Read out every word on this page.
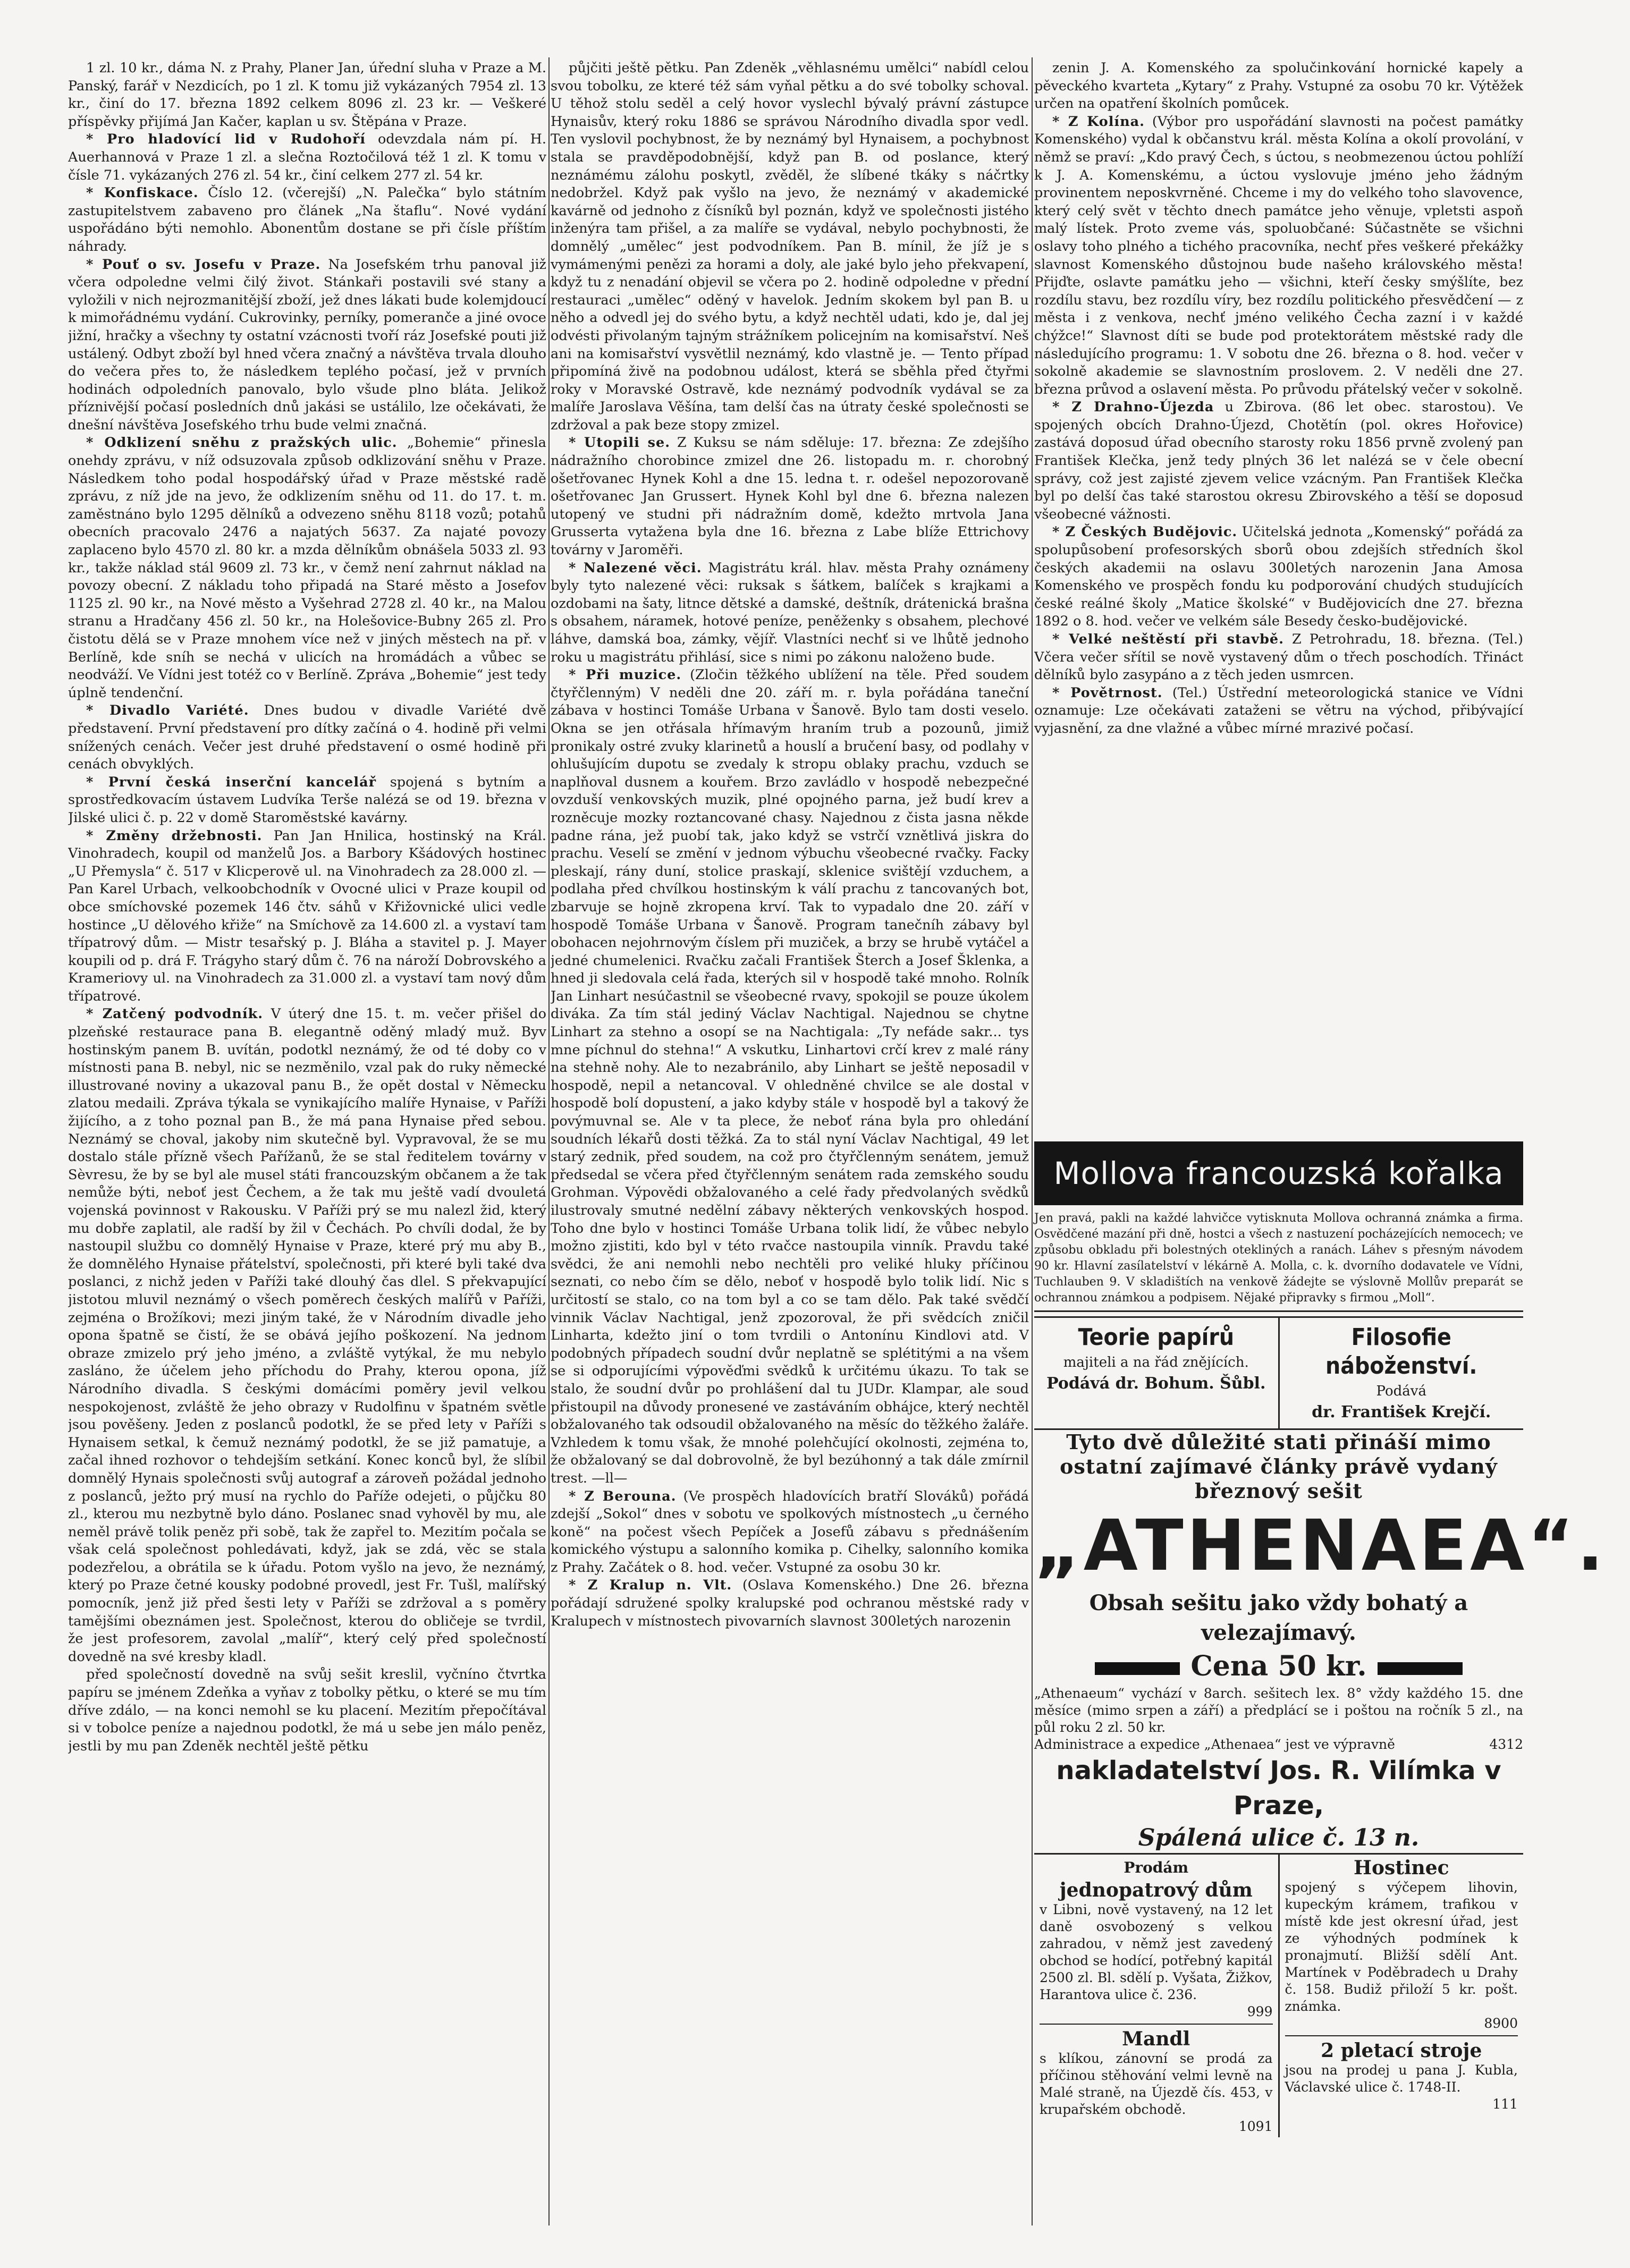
1 zl. 10 kr., dáma N. z Prahy, Planer Jan, úřední sluha v Praze a M. Panský, farář v Nezdicích, po 1 zl. K tomu již vykázaných 7954 zl. 13 kr., činí do 17. března 1892 celkem 8096 zl. 23 kr. — Veškeré příspěvky přijímá Jan Kačer, kaplan u sv. Štěpána v Praze.

* Pro hladovící lid v Rudohoří odevzdala nám pí. H. Auerhannová v Praze 1 zl. a slečna Roztočilová též 1 zl. K tomu v čísle 71. vykázaných 276 zl. 54 kr., činí celkem 277 zl. 54 kr.

* Konfiskace. Číslo 12. (včerejší) „N. Palečka“ bylo státním zastupitelstvem zabaveno pro článek „Na štaflu“. Nové vydání uspořádáno býti nemohlo. Abonentům dostane se při čísle příštím náhrady.

* Pouť o sv. Josefu v Praze. Na Josefském trhu panoval již včera odpoledne velmi čilý život. Stánkaři postavili své stany a vyložili v nich nejrozmanitější zboží, jež dnes lákati bude kolemjdoucí k mimořádnému vydání. Cukrovinky, perníky, pomeranče a jiné ovoce jižní, hračky a všechny ty ostatní vzácnosti tvoří ráz Josefské pouti již ustálený. Odbyt zboží byl hned včera značný a návštěva trvala dlouho do večera přes to, že následkem teplého počasí, jež v prvních hodinách odpoledních panovalo, bylo všude plno bláta. Jelikož příznivější počasí posledních dnů jakási se ustálilo, lze očekávati, že dnešní návštěva Josefského trhu bude velmi značná.

* Odklizení sněhu z pražských ulic. „Bohemie“ přinesla onehdy zprávu, v níž odsuzovala způsob odklizování sněhu v Praze. Následkem toho podal hospodářský úřad v Praze městské radě zprávu, z níž jde na jevo, že odklizením sněhu od 11. do 17. t. m. zaměstnáno bylo 1295 dělníků a odvezeno sněhu 8118 vozů; potahů obecních pracovalo 2476 a najatých 5637. Za najaté povozy zaplaceno bylo 4570 zl. 80 kr. a mzda dělníkům obnášela 5033 zl. 93 kr., takže náklad stál 9609 zl. 73 kr., v čemž není zahrnut náklad na povozy obecní. Z nákladu toho připadá na Staré město a Josefov 1125 zl. 90 kr., na Nové město a Vyšehrad 2728 zl. 40 kr., na Malou stranu a Hradčany 456 zl. 50 kr., na Holešovice-Bubny 265 zl. Pro čistotu dělá se v Praze mnohem více než v jiných městech na př. v Berlíně, kde sníh se nechá v ulicích na hromádách a vůbec se neodváží. Ve Vídni jest totéž co v Berlíně. Zpráva „Bohemie“ jest tedy úplně tendenční.

* Divadlo Variété. Dnes budou v divadle Variété dvě představení. První představení pro dítky začíná o 4. hodině při velmi snížených cenách. Večer jest druhé představení o osmé hodině při cenách obvyklých.

* První česká inserční kancelář spojená s bytním a sprostředkovacím ústavem Ludvíka Terše nalézá se od 19. března v Jilské ulici č. p. 22 v domě Staroměstské kavárny.

* Změny držebnosti. Pan Jan Hnilica, hostinský na Král. Vinohradech, koupil od manželů Jos. a Barbory Kšádových hostinec „U Přemysla“ č. 517 v Klicperově ul. na Vinohradech za 28.000 zl. — Pan Karel Urbach, velkoobchodník v Ovocné ulici v Praze koupil od obce smíchovské pozemek 146 čtv. sáhů v Křižovnické ulici vedle hostince „U dělového křiže“ na Smíchově za 14.600 zl. a vystaví tam třípatrový dům. — Mistr tesařský p. J. Bláha a stavitel p. J. Mayer koupili od p. drá F. Trágyho starý dům č. 76 na nároží Dobrovského a Krameriovy ul. na Vinohradech za 31.000 zl. a vystaví tam nový dům třípatrové.

* Zatčený podvodník. V úterý dne 15. t. m. večer přišel do plzeňské restaurace pana B. elegantně oděný mladý muž. Byv hostinským panem B. uvítán, podotkl neznámý, že od té doby co v místnosti pana B. nebyl, nic se nezměnilo, vzal pak do ruky německé illustrované noviny a ukazoval panu B., že opět dostal v Německu zlatou medaili. Zpráva týkala se vynikajícího malíře Hynaise, v Paříži žijícího, a z toho poznal pan B., že má pana Hynaise před sebou. Neznámý se choval, jakoby nim skutečně byl. Vypravoval, že se mu dostalo stále přízně všech Pařížanů, že se stal ředitelem továrny v Sèvresu, že by se byl ale musel státi francouzským občanem a že tak nemůže býti, neboť jest Čechem, a že tak mu ještě vadí dvouletá vojenská povinnost v Rakousku. V Paříži prý se mu nalezl žid, který mu dobře zaplatil, ale radší by žil v Čechách. Po chvíli dodal, že by nastoupil službu co domnělý Hynaise v Praze, které prý mu aby B., že domnělého Hynaise přátelství, společnosti, při které byli také dva poslanci, z nichž jeden v Paříži také dlouhý čas dlel. S překvapující jistotou mluvil neznámý o všech poměrech českých malířů v Paříži, zejména o Brožíkovi; mezi jiným také, že v Národním divadle jeho opona špatně se čistí, že se obává jejího poškození. Na jednom obraze zmizelo prý jeho jméno, a zvláště vytýkal, že mu nebylo zasláno, že účelem jeho příchodu do Prahy, kterou opona, jíž Národního divadla. S českými domácími poměry jevil velkou nespokojenost, zvláště že jeho obrazy v Rudolfinu v špatném světle jsou pověšeny. Jeden z poslanců podotkl, že se před lety v Paříži s Hynaisem setkal, k čemuž neznámý podotkl, že se již pamatuje, a začal ihned rozhovor o tehdejším setkání. Konec konců byl, že slíbil domnělý Hynais společnosti svůj autograf a zároveň požádal jednoho z poslanců, ježto prý musí na rychlo do Paříže odejeti, o půjčku 80 zl., kterou mu nezbytně bylo dáno. Poslanec snad vyhověl by mu, ale neměl právě tolik peněz při sobě, tak že zapřel to. Mezitím počala se však celá společnost pohledávati, když, jak se zdá, věc se stala podezřelou, a obrátila se k úřadu. Potom vyšlo na jevo, že neznámý, který po Praze četné kousky podobné provedl, jest Fr. Tušl, malířský pomocník, jenž již před šesti lety v Paříži se zdržoval a s poměry tamějšími obeznámen jest. Společnost, kterou do obličeje se tvrdil, že jest profesorem, zavolal „malíř“, který celý před společností dovedně na své kresby kladl.

před společností dovedně na svůj sešit kreslil, vyčníno čtvrtka papíru se jménem Zdeňka a vyňav z tobolky pětku, o které se mu tím dříve zdálo, — na konci nemohl se ku placení. Mezitím přepočítával si v tobolce peníze a najednou podotkl, že má u sebe jen málo peněz, jestli by mu pan Zdeněk nechtěl ještě pětku

půjčiti ještě pětku. Pan Zdeněk „věhlasnému umělci“ nabídl celou svou tobolku, ze které též sám vyňal pětku a do své tobolky schoval. U těhož stolu seděl a celý hovor vyslechl bývalý právní zástupce Hynaisův, který roku 1886 se správou Národního divadla spor vedl. Ten vyslovil pochybnost, že by neznámý byl Hynaisem, a pochybnost stala se pravděpodobnější, když pan B. od poslance, který neznámému zálohu poskytl, zvěděl, že slíbené tkáky s náčrtky nedobržel. Když pak vyšlo na jevo, že neznámý v akademické kavárně od jednoho z čísníků byl poznán, když ve společnosti jistého inženýra tam přišel, a za malíře se vydával, nebylo pochybnosti, že domnělý „umělec“ jest podvodníkem. Pan B. mínil, že jíž je s vymámenými penězi za horami a doly, ale jaké bylo jeho překvapení, když tu z nenadání objevil se včera po 2. hodině odpoledne v přední restauraci „umělec“ oděný v havelok. Jedním skokem byl pan B. u něho a odvedl jej do svého bytu, a když nechtěl udati, kdo je, dal jej odvésti přivolaným tajným strážníkem policejním na komisařství. Neš ani na komisařství vysvětlil neznámý, kdo vlastně je. — Tento případ připomíná živě na podobnou událost, která se sběhla před čtyřmi roky v Moravské Ostravě, kde neznámý podvodník vydával se za malíře Jaroslava Věšína, tam delší čas na útraty české společnosti se zdržoval a pak beze stopy zmizel.

* Utopili se. Z Kuksu se nám sděluje: 17. března: Ze zdejšího nádražního chorobince zmizel dne 26. listopadu m. r. chorobný ošetřovanec Hynek Kohl a dne 15. ledna t. r. odešel nepozorovaně ošetřovanec Jan Grussert. Hynek Kohl byl dne 6. března nalezen utopený ve studni při nádražním domě, kdežto mrtvola Jana Grusserta vytažena byla dne 16. března z Labe blíže Ettrichovy továrny v Jaroměři.

* Nalezené věci. Magistrátu král. hlav. města Prahy oznámeny byly tyto nalezené věci: ruksak s šátkem, balíček s krajkami a ozdobami na šaty, litnce dětské a damské, deštník, drátenická brašna s obsahem, náramek, hotové peníze, peněženky s obsahem, plechové láhve, damská boa, zámky, vějíř. Vlastníci nechť si ve lhůtě jednoho roku u magistrátu přihlásí, sice s nimi po zákonu naloženo bude.

* Při muzice. (Zločin těžkého ublížení na těle. Před soudem čtyřčlenným) V neděli dne 20. září m. r. byla pořádána taneční zábava v hostinci Tomáše Urbana v Šanově. Bylo tam dosti veselo. Okna se jen otřásala hřímavým hraním trub a pozounů, jimiž pronikaly ostré zvuky klarinetů a houslí a bručení basy, od podlahy v ohlušujícím dupotu se zvedaly k stropu oblaky prachu, vzduch se naplňoval dusnem a kouřem. Brzo zavládlo v hospodě nebezpečné ovzduší venkovských muzik, plné opojného parna, jež budí krev a rozněcuje mozky roztancované chasy. Najednou z čista jasna někde padne rána, jež puobí tak, jako když se vstrčí vznětlivá jiskra do prachu. Veselí se změní v jednom výbuchu všeobecné rvačky. Facky pleskají, rány duní, stolice praskají, sklenice svištějí vzduchem, a podlaha před chvílkou hostinským k válí prachu z tancovaných bot, zbarvuje se hojně zkropena krví. Tak to vypadalo dne 20. září v hospodě Tomáše Urbana v Šanově. Program tanečníh zábavy byl obohacen nejohrnovým číslem při muziček, a brzy se hrubě vytáčel a jedné chumelenici. Rvačku začali František Šterch a Josef Šklenka, a hned ji sledovala celá řada, kterých sil v hospodě také mnoho. Rolník Jan Linhart nesúčastnil se všeobecné rvavy, spokojil se pouze úkolem diváka. Za tím stál jediný Václav Nachtigal. Najednou se chytne Linhart za stehno a osopí se na Nachtigala: „Ty nefáde sakr... tys mne píchnul do stehna!“ A vskutku, Linhartovi crčí krev z malé rány na stehně nohy. Ale to nezabránilo, aby Linhart se ještě neposadil v hospodě, nepil a netancoval. V ohledněné chvilce se ale dostal v hospodě bolí dopustení, a jako kdyby stále v hospodě byl a takový že povýmuvnal se. Ale v ta plece, že neboť rána byla pro ohledání soudních lékařů dosti těžká. Za to stál nyní Václav Nachtigal, 49 let starý zednik, před soudem, na což pro čtyřčlenným senátem, jemuž předsedal se včera před čtyřčlenným senátem rada zemského soudu Grohman. Výpovědi obžalovaného a celé řady předvolaných svědků ilustrovaly smutné nedělní zábavy některých venkovských hospod. Toho dne bylo v hostinci Tomáše Urbana tolik lidí, že vůbec nebylo možno zjistiti, kdo byl v této rvačce nastoupila vinník. Pravdu také svědci, že ani nemohli nebo nechtěli pro veliké hluky příčinou seznati, co nebo čím se dělo, neboť v hospodě bylo tolik lidí. Nic s určitostí se stalo, co na tom byl a co se tam dělo. Pak také svědčí vinnik Václav Nachtigal, jenž zpozoroval, že při svědcích zničil Linharta, kdežto jiní o tom tvrdili o Antonínu Kindlovi atd. V podobných případech soudní dvůr neplatně se splétitými a na všem se si odporujícími výpověďmi svědků k určitému úkazu. To tak se stalo, že soudní dvůr po prohlášení dal tu JUDr. Klampar, ale soud přistoupil na důvody pronesené ve zastáváním obhájce, který nechtěl obžalovaného tak odsoudil obžalovaného na měsíc do těžkého žaláře. Vzhledem k tomu však, že mnohé polehčující okolnosti, zejména to, že obžalovaný se dal dobrovolně, že byl bezúhonný a tak dále zmírnil trest. —ll—

* Z Berouna. (Ve prospěch hladovících bratří Slováků) pořádá zdejší „Sokol“ dnes v sobotu ve spolkových místnostech „u černého koně“ na počest všech Pepíček a Josefů zábavu s přednášením komického výstupu a salonního komika p. Cihelky, salonního komika z Prahy. Začátek o 8. hod. večer. Vstupné za osobu 30 kr.

* Z Kralup n. Vlt. (Oslava Komenského.) Dne 26. března pořádají sdružené spolky kralupské pod ochranou městské rady v Kralupech v místnostech pivovarních slavnost 300letých narozenin

zenin J. A. Komenského za spolučinkování hornické kapely a pěveckého kvarteta „Kytary“ z Prahy. Vstupné za osobu 70 kr. Výtěžek určen na opatření školních pomůcek.

* Z Kolína. (Výbor pro uspořádání slavnosti na počest památky Komenského) vydal k občanstvu král. města Kolína a okolí provolání, v němž se praví: „Kdo pravý Čech, s úctou, s neobmezenou úctou pohlíží k J. A. Komenskému, a úctou vyslovuje jméno jeho žádným provinentem neposkvrněné. Chceme i my do velkého toho slavovence, který celý svět v těchto dnech památce jeho věnuje, vpletsti aspoň malý lístek. Proto zveme vás, spoluobčané: Súčastněte se všichni oslavy toho plného a tichého pracovníka, nechť přes veškeré překážky slavnost Komenského důstojnou bude našeho královského města! Přijďte, oslavte památku jeho — všichni, kteří česky smýšlíte, bez rozdílu stavu, bez rozdílu víry, bez rozdílu politického přesvědčení — z města i z venkova, nechť jméno velikého Čecha zazní i v každé chýžce!“ Slavnost díti se bude pod protektorátem městské rady dle následujícího programu: 1. V sobotu dne 26. března o 8. hod. večer v sokolně akademie se slavnostním proslovem. 2. V neděli dne 27. března průvod a oslavení města. Po průvodu přátelský večer v sokolně.

* Z Drahno-Újezda u Zbirova. (86 let obec. starostou). Ve spojených obcích Drahno-Újezd, Chotětín (pol. okres Hořovice) zastává doposud úřad obecního starosty roku 1856 prvně zvolený pan František Klečka, jenž tedy plných 36 let nalézá se v čele obecní správy, což jest zajisté zjevem velice vzácným. Pan František Klečka byl po delší čas také starostou okresu Zbirovského a těší se doposud všeobecné vážnosti.

* Z Českých Budějovic. Učitelská jednota „Komenský“ pořádá za spolupůsobení profesorských sborů obou zdejších středních škol českých akademii na oslavu 300letých narozenin Jana Amosa Komenského ve prospěch fondu ku podporování chudých studujících české reálné školy „Matice školské“ v Budějovicích dne 27. března 1892 o 8. hod. večer ve velkém sále Besedy česko-budějovické.

* Velké neštěstí při stavbě. Z Petrohradu, 18. března. (Tel.) Včera večer sřítil se nově vystavený dům o třech poschodích. Třináct dělníků bylo zasypáno a z těch jeden usmrcen.

* Povětrnost. (Tel.) Ústřední meteorologická stanice ve Vídni oznamuje: Lze očekávati zataženi se větru na východ, přibývající vyjasnění, za dne vlažné a vůbec mírné mrazivé počasí.

Mollova francouzská kořalka
Jen pravá, pakli na každé lahvičce vytisknuta Mollova ochranná známka a firma. Osvědčené mazání při dně, hostci a všech z nastuzení pocházejících nemocech; ve způsobu obkladu při bolestných otekliných a ranách. Láhev s přesným návodem 90 kr. Hlavní zasílatelství v lékárně A. Molla, c. k. dvorního dodavatele ve Vídni, Tuchlauben 9. V skladištích na venkově žádejte se výslovně Mollův preparát se ochrannou známkou a podpisem. Nějaké připravky s firmou „Moll“.
Teorie papírů
majiteli a na řád znějících.
Podává dr. Bohum. Šůbl.
Filosofie náboženství.
Podává
dr. František Krejčí.
Tyto dvě důležité stati přináší mimo ostatní zajímavé články právě vydaný březnový sešit
„ATHENAEA“.
Obsah sešitu jako vždy bohatý a velezajímavý.
Cena 50 kr.
„Athenaeum“ vychází v 8arch. sešitech lex. 8° vždy každého 15. dne měsíce (mimo srpen a září) a předplácí se i poštou na ročník 5 zl., na půl roku 2 zl. 50 kr.
Administrace a expedice „Athenaea“ jest ve výpravně	4312
nakladatelství Jos. R. Vilímka v Praze,
Spálená ulice č. 13 n.
Prodám
jednopatrový dům
v Libni, nově vystavený, na 12 let daně osvobozený s velkou zahradou, v němž jest zavedený obchod se hodící, potřebný kapitál 2500 zl. Bl. sdělí p. Vyšata, Žižkov, Harantova ulice č. 236.
999
Mandl
s klíkou, zánovní se prodá za příčinou stěhování velmi levně na Malé straně, na Újezdě čís. 453, v krupařském obchodě.
1091
Hostinec
spojený s výčepem lihovin, kupeckým krámem, trafikou v místě kde jest okresní úřad, jest ze výhodných podmínek k pronajmutí. Bližší sdělí Ant. Martínek v Poděbradech u Drahy č. 158. Budiž přiloží 5 kr. pošt. známka.
8900
2 pletací stroje
jsou na prodej u pana J. Kubla, Václavské ulice č. 1748-II.
111
